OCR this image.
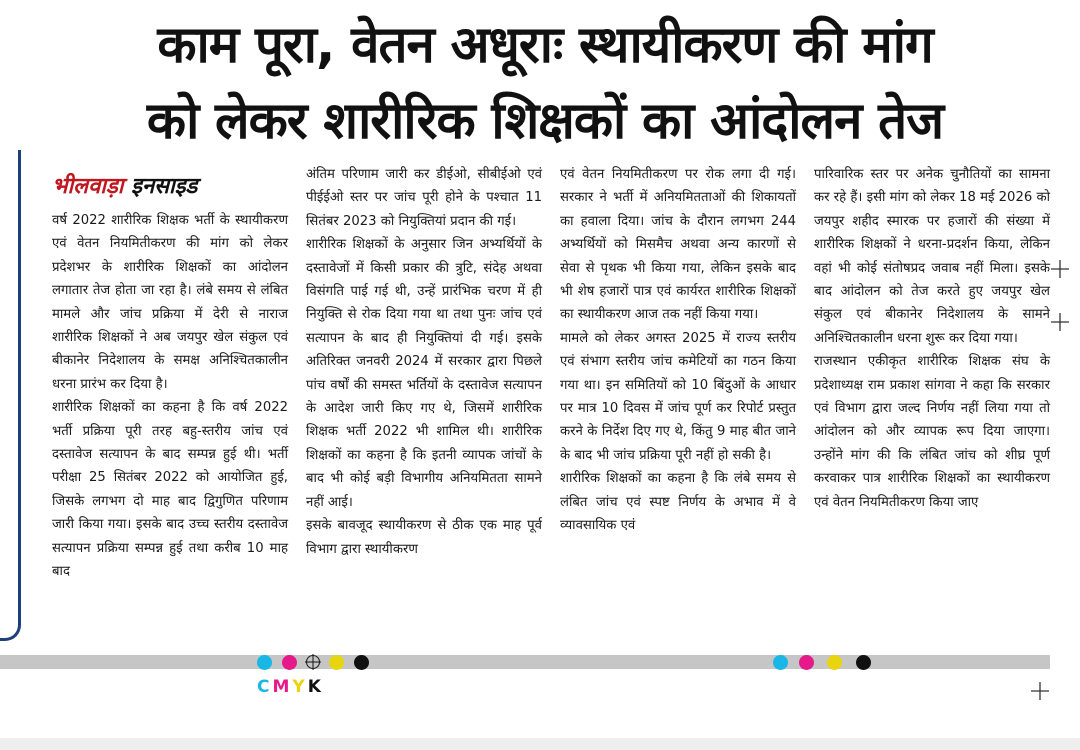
काम पूरा, वेतन अधूराः स्थायीकरण की मांग
को लेकर शारीरिक शिक्षकों का आंदोलन तेज
भीलवाड़ा इनसाइड

वर्ष 2022 शारीरिक शिक्षक भर्ती के स्थायीकरण एवं वेतन नियमितीकरण की मांग को लेकर प्रदेशभर के शारीरिक शिक्षकों का आंदोलन लगातार तेज होता जा रहा है। लंबे समय से लंबित मामले और जांच प्रक्रिया में देरी से नाराज शारीरिक शिक्षकों ने अब जयपुर खेल संकुल एवं बीकानेर निदेशालय के समक्ष अनिश्चितकालीन धरना प्रारंभ कर दिया है।

शारीरिक शिक्षकों का कहना है कि वर्ष 2022 भर्ती प्रक्रिया पूरी तरह बहु-स्तरीय जांच एवं दस्तावेज सत्यापन के बाद सम्पन्न हुई थी। भर्ती परीक्षा 25 सितंबर 2022 को आयोजित हुई, जिसके लगभग दो माह बाद द्विगुणित परिणाम जारी किया गया। इसके बाद उच्च स्तरीय दस्तावेज सत्यापन प्रक्रिया सम्पन्न हुई तथा करीब 10 माह बाद

अंतिम परिणाम जारी कर डीईओ, सीबीईओ एवं पीईईओ स्तर पर जांच पूरी होने के पश्चात 11 सितंबर 2023 को नियुक्तियां प्रदान की गई।

शारीरिक शिक्षकों के अनुसार जिन अभ्यर्थियों के दस्तावेजों में किसी प्रकार की त्रुटि, संदेह अथवा विसंगति पाई गई थी, उन्हें प्रारंभिक चरण में ही नियुक्ति से रोक दिया गया था तथा पुनः जांच एवं सत्यापन के बाद ही नियुक्तियां दी गई। इसके अतिरिक्त जनवरी 2024 में सरकार द्वारा पिछले पांच वर्षों की समस्त भर्तियों के दस्तावेज सत्यापन के आदेश जारी किए गए थे, जिसमें शारीरिक शिक्षक भर्ती 2022 भी शामिल थी। शारीरिक शिक्षकों का कहना है कि इतनी व्यापक जांचों के बाद भी कोई बड़ी विभागीय अनियमितता सामने नहीं आई।

इसके बावजूद स्थायीकरण से ठीक एक माह पूर्व विभाग द्वारा स्थायीकरण

एवं वेतन नियमितीकरण पर रोक लगा दी गई। सरकार ने भर्ती में अनियमितताओं की शिकायतों का हवाला दिया। जांच के दौरान लगभग 244 अभ्यर्थियों को मिसमैच अथवा अन्य कारणों से सेवा से पृथक भी किया गया, लेकिन इसके बाद भी शेष हजारों पात्र एवं कार्यरत शारीरिक शिक्षकों का स्थायीकरण आज तक नहीं किया गया।

मामले को लेकर अगस्त 2025 में राज्य स्तरीय एवं संभाग स्तरीय जांच कमेटियों का गठन किया गया था। इन समितियों को 10 बिंदुओं के आधार पर मात्र 10 दिवस में जांच पूर्ण कर रिपोर्ट प्रस्तुत करने के निर्देश दिए गए थे, किंतु 9 माह बीत जाने के बाद भी जांच प्रक्रिया पूरी नहीं हो सकी है।

शारीरिक शिक्षकों का कहना है कि लंबे समय से लंबित जांच एवं स्पष्ट निर्णय के अभाव में वे व्यावसायिक एवं

पारिवारिक स्तर पर अनेक चुनौतियों का सामना कर रहे हैं। इसी मांग को लेकर 18 मई 2026 को जयपुर शहीद स्मारक पर हजारों की संख्या में शारीरिक शिक्षकों ने धरना-प्रदर्शन किया, लेकिन वहां भी कोई संतोषप्रद जवाब नहीं मिला। इसके बाद आंदोलन को तेज करते हुए जयपुर खेल संकुल एवं बीकानेर निदेशालय के सामने अनिश्चितकालीन धरना शुरू कर दिया गया।

राजस्थान एकीकृत शारीरिक शिक्षक संघ के प्रदेशाध्यक्ष राम प्रकाश सांगवा ने कहा कि सरकार एवं विभाग द्वारा जल्द निर्णय नहीं लिया गया तो आंदोलन को और व्यापक रूप दिया जाएगा। उन्होंने मांग की कि लंबित जांच को शीघ्र पूर्ण करवाकर पात्र शारीरिक शिक्षकों का स्थायीकरण एवं वेतन नियमितीकरण किया जाए

CMYK
